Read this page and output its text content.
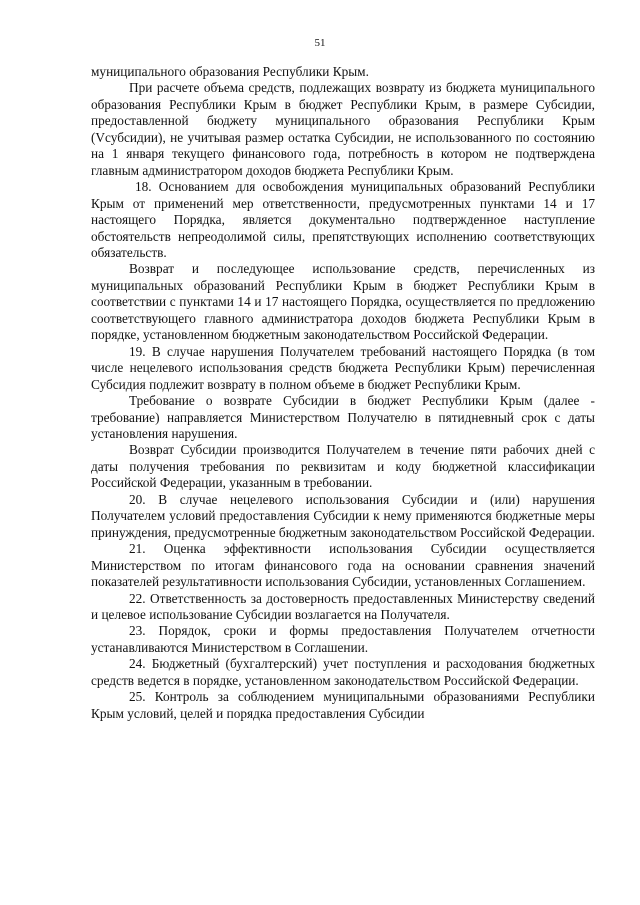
51

муниципального образования Республики Крым.

При расчете объема средств, подлежащих возврату из бюджета муниципального образования Республики Крым в бюджет Республики Крым, в размере Субсидии, предоставленной бюджету муниципального образования Республики Крым (Vсубсидии), не учитывая размер остатка Субсидии, не использованного по состоянию на 1 января текущего финансового года, потребность в котором не подтверждена главным администратором доходов бюджета Республики Крым.

18. Основанием для освобождения муниципальных образований Республики Крым от применений мер ответственности, предусмотренных пунктами 14 и 17 настоящего Порядка, является документально подтвержденное наступление обстоятельств непреодолимой силы, препятствующих исполнению соответствующих обязательств.

Возврат и последующее использование средств, перечисленных из муниципальных образований Республики Крым в бюджет Республики Крым в соответствии с пунктами 14 и 17 настоящего Порядка, осуществляется по предложению соответствующего главного администратора доходов бюджета Республики Крым в порядке, установленном бюджетным законодательством Российской Федерации.

19. В случае нарушения Получателем требований настоящего Порядка (в том числе нецелевого использования средств бюджета Республики Крым) перечисленная Субсидия подлежит возврату в полном объеме в бюджет Республики Крым.

Требование о возврате Субсидии в бюджет Республики Крым (далее - требование) направляется Министерством Получателю в пятидневный срок с даты установления нарушения.

Возврат Субсидии производится Получателем в течение пяти рабочих дней с даты получения требования по реквизитам и коду бюджетной классификации Российской Федерации, указанным в требовании.

20. В случае нецелевого использования Субсидии и (или) нарушения Получателем условий предоставления Субсидии к нему применяются бюджетные меры принуждения, предусмотренные бюджетным законодательством Российской Федерации.

21. Оценка эффективности использования Субсидии осуществляется Министерством по итогам финансового года на основании сравнения значений показателей результативности использования Субсидии, установленных Соглашением.

22. Ответственность за достоверность предоставленных Министерству сведений и целевое использование Субсидии возлагается на Получателя.

23. Порядок, сроки и формы предоставления Получателем отчетности устанавливаются Министерством в Соглашении.

24. Бюджетный (бухгалтерский) учет поступления и расходования бюджетных средств ведется в порядке, установленном законодательством Российской Федерации.

25. Контроль за соблюдением муниципальными образованиями Республики Крым условий, целей и порядка предоставления Субсидии
